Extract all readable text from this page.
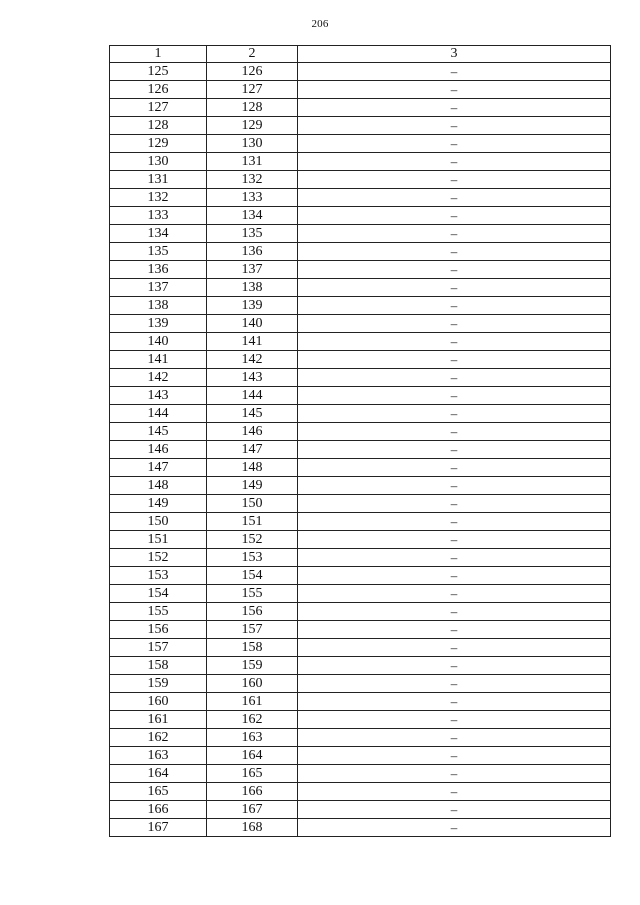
206
1	2	3
125	126	–
126	127	–
127	128	–
128	129	–
129	130	–
130	131	–
131	132	–
132	133	–
133	134	–
134	135	–
135	136	–
136	137	–
137	138	–
138	139	–
139	140	–
140	141	–
141	142	–
142	143	–
143	144	–
144	145	–
145	146	–
146	147	–
147	148	–
148	149	–
149	150	–
150	151	–
151	152	–
152	153	–
153	154	–
154	155	–
155	156	–
156	157	–
157	158	–
158	159	–
159	160	–
160	161	–
161	162	–
162	163	–
163	164	–
164	165	–
165	166	–
166	167	–
167	168	–
